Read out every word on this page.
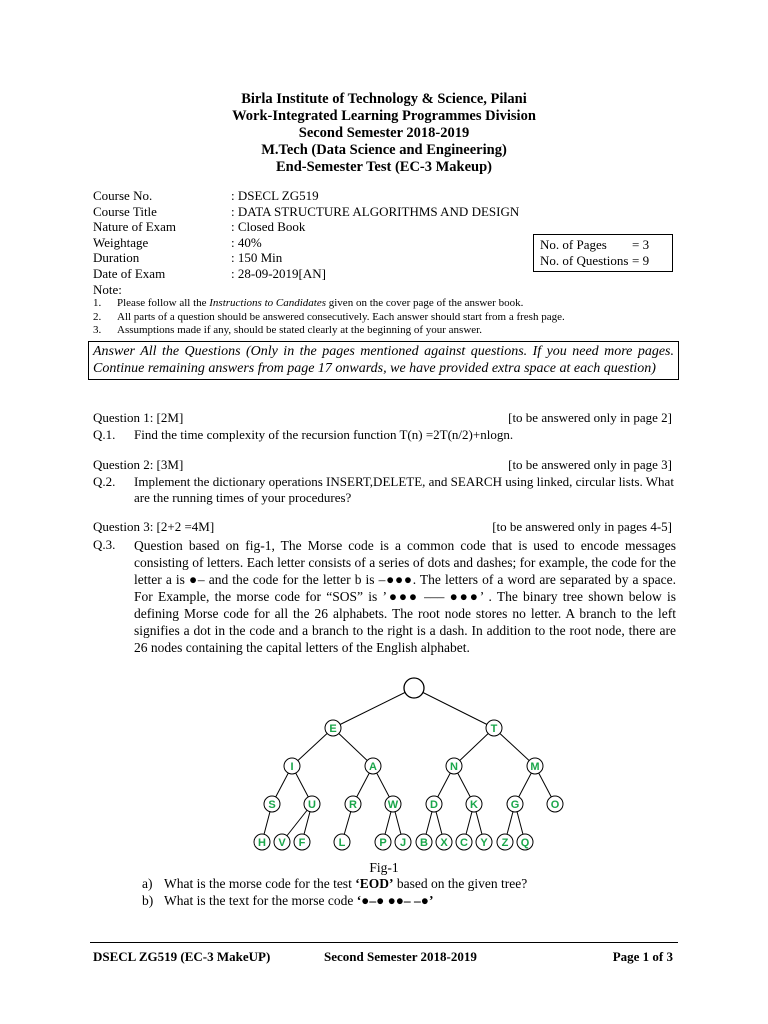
Birla Institute of Technology & Science, Pilani
Work-Integrated Learning Programmes Division
Second Semester 2018-2019
M.Tech (Data Science and Engineering)
End-Semester Test (EC-3 Makeup)
Course No.	: DSECL ZG519
Course Title	: DATA STRUCTURE ALGORITHMS AND DESIGN
Nature of Exam	: Closed Book
Weightage	: 40%
Duration	: 150 Min
Date of Exam	: 28-09-2019[AN]
No. of Pages	= 3
No. of Questions = 9
Note:
1.	Please follow all the Instructions to Candidates given on the cover page of the answer book.
2.	All parts of a question should be answered consecutively. Each answer should start from a fresh page.
3.	Assumptions made if any, should be stated clearly at the beginning of your answer.
Answer All the Questions (Only in the pages mentioned against questions. If you need more pages. Continue remaining answers from page 17 onwards, we have provided extra space at each question)
Question 1: [2M]	[to be answered only in page 2]
Q.1. Find the time complexity of the recursion function T(n) =2T(n/2)+nlogn.
Question 2: [3M]	[to be answered only in page 3]
Q.2. Implement the dictionary operations INSERT,DELETE, and SEARCH using linked, circular lists. What are the running times of your procedures?
Question 3: [2+2 =4M]	[to be answered only in pages 4-5]
Q.3. Question based on fig-1, The Morse code is a common code that is used to encode messages consisting of letters. Each letter consists of a series of dots and dashes; for example, the code for the letter a is ●– and the code for the letter b is –●●●. The letters of a word are separated by a space. For Example, the morse code for “SOS” is ’●●● ––– ●●●’ . The binary tree shown below is defining Morse code for all the 26 alphabets. The root node stores no letter. A branch to the left signifies a dot in the code and a branch to the right is a dash. In addition to the root node, there are 26 nodes containing the capital letters of the English alphabet.
E	T
I	A	N	M
S	U	R	W	D	K	G	O
H V F	L	P J B X C Y Z Q
Fig-1
a) What is the morse code for the test ‘EOD’ based on the given tree?
b) What is the text for the morse code ‘●–● ●●– –●’
DSECL ZG519 (EC-3 MakeUP)	Second Semester 2018-2019	Page 1 of 3
